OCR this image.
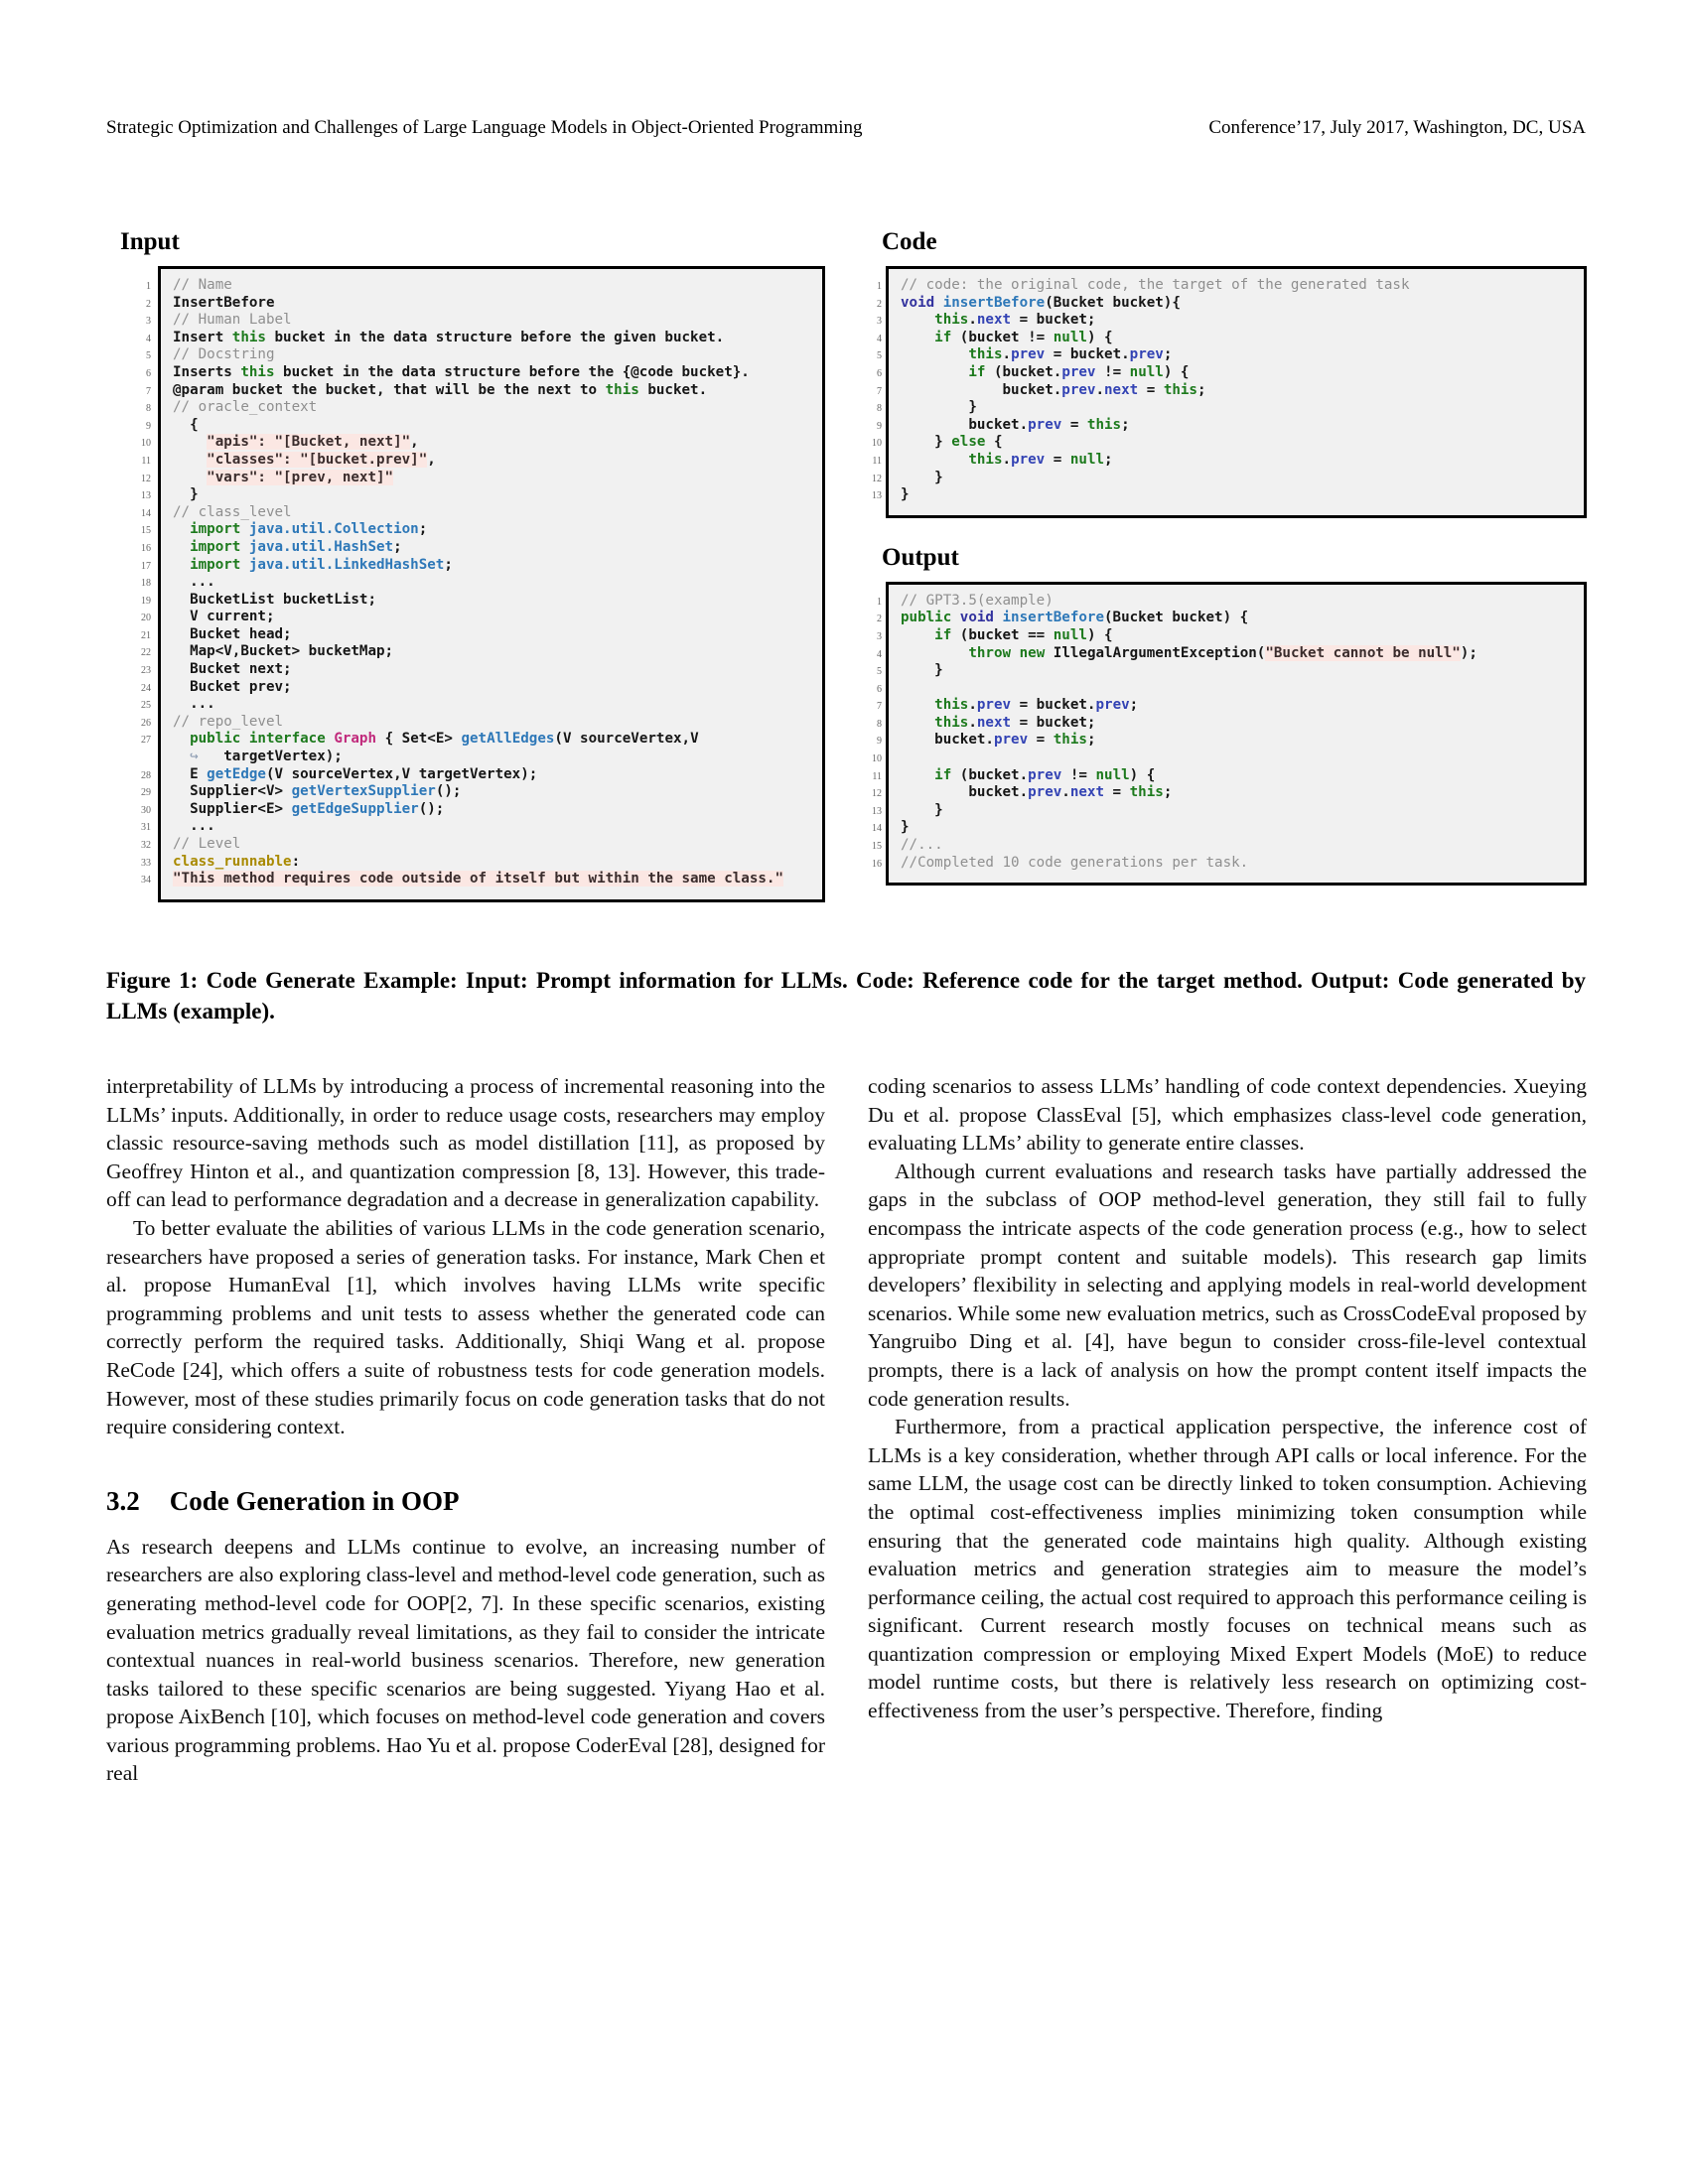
Strategic Optimization and Challenges of Large Language Models in Object-Oriented Programming	Conference’17, July 2017, Washington, DC, USA
Input
1
2
3
4
5
6
7
8
9
10
11
12
13
14
15
16
17
18
19
20
21
22
23
24
25
26
27
28
29
30
31
32
33
34
// Name
InsertBefore
// Human Label
Insert this bucket in the data structure before the given bucket.
// Docstring
Inserts this bucket in the data structure before the {@code bucket}.
@param bucket the bucket, that will be the next to this bucket.
// oracle_context
{
"apis": "[Bucket, next]",
"classes": "[bucket.prev]",
"vars": "[prev, next]"
}
// class_level
import java.util.Collection;
import java.util.HashSet;
import java.util.LinkedHashSet;
...
BucketList bucketList;
V current;
Bucket head;
Map<V,Bucket> bucketMap;
Bucket next;
Bucket prev;
...
// repo_level
public interface Graph { Set<E> getAllEdges(V sourceVertex,V
↪   targetVertex);
E getEdge(V sourceVertex,V targetVertex);
Supplier<V> getVertexSupplier();
Supplier<E> getEdgeSupplier();
...
// Level
class_runnable:
"This method requires code outside of itself but within the same class."
Code
1
2
3
4
5
6
7
8
9
10
11
12
13
// code: the original code, the target of the generated task
void insertBefore(Bucket bucket){
this.next = bucket;
if (bucket != null) {
this.prev = bucket.prev;
if (bucket.prev != null) {
bucket.prev.next = this;
}
bucket.prev = this;
} else {
this.prev = null;
}
}
Output
1
2
3
4
5
6
7
8
9
10
11
12
13
14
15
16
// GPT3.5(example)
public void insertBefore(Bucket bucket) {
if (bucket == null) {
throw new IllegalArgumentException("Bucket cannot be null");
}

this.prev = bucket.prev;
this.next = bucket;
bucket.prev = this;

if (bucket.prev != null) {
bucket.prev.next = this;
}
}
//...
//Completed 10 code generations per task.
Figure 1: Code Generate Example: Input: Prompt information for LLMs. Code: Reference code for the target method. Output: Code generated by LLMs (example).

interpretability of LLMs by introducing a process of incremental reasoning into the LLMs’ inputs. Additionally, in order to reduce usage costs, researchers may employ classic resource-saving methods such as model distillation [11], as proposed by Geoffrey Hinton et al., and quantization compression [8, 13]. However, this trade-off can lead to performance degradation and a decrease in generalization capability.

To better evaluate the abilities of various LLMs in the code generation scenario, researchers have proposed a series of generation tasks. For instance, Mark Chen et al. propose HumanEval [1], which involves having LLMs write specific programming problems and unit tests to assess whether the generated code can correctly perform the required tasks. Additionally, Shiqi Wang et al. propose ReCode [24], which offers a suite of robustness tests for code generation models. However, most of these studies primarily focus on code generation tasks that do not require considering context.

3.2 Code Generation in OOP

As research deepens and LLMs continue to evolve, an increasing number of researchers are also exploring class-level and method-level code generation, such as generating method-level code for OOP[2, 7]. In these specific scenarios, existing evaluation metrics gradually reveal limitations, as they fail to consider the intricate contextual nuances in real-world business scenarios. Therefore, new generation tasks tailored to these specific scenarios are being suggested. Yiyang Hao et al. propose AixBench [10], which focuses on method-level code generation and covers various programming problems. Hao Yu et al. propose CoderEval [28], designed for real

coding scenarios to assess LLMs’ handling of code context dependencies. Xueying Du et al. propose ClassEval [5], which emphasizes class-level code generation, evaluating LLMs’ ability to generate entire classes.

Although current evaluations and research tasks have partially addressed the gaps in the subclass of OOP method-level generation, they still fail to fully encompass the intricate aspects of the code generation process (e.g., how to select appropriate prompt content and suitable models). This research gap limits developers’ flexibility in selecting and applying models in real-world development scenarios. While some new evaluation metrics, such as CrossCodeEval proposed by Yangruibo Ding et al. [4], have begun to consider cross-file-level contextual prompts, there is a lack of analysis on how the prompt content itself impacts the code generation results.

Furthermore, from a practical application perspective, the inference cost of LLMs is a key consideration, whether through API calls or local inference. For the same LLM, the usage cost can be directly linked to token consumption. Achieving the optimal cost-effectiveness implies minimizing token consumption while ensuring that the generated code maintains high quality. Although existing evaluation metrics and generation strategies aim to measure the model’s performance ceiling, the actual cost required to approach this performance ceiling is significant. Current research mostly focuses on technical means such as quantization compression or employing Mixed Expert Models (MoE) to reduce model runtime costs, but there is relatively less research on optimizing cost-effectiveness from the user’s perspective. Therefore, finding
